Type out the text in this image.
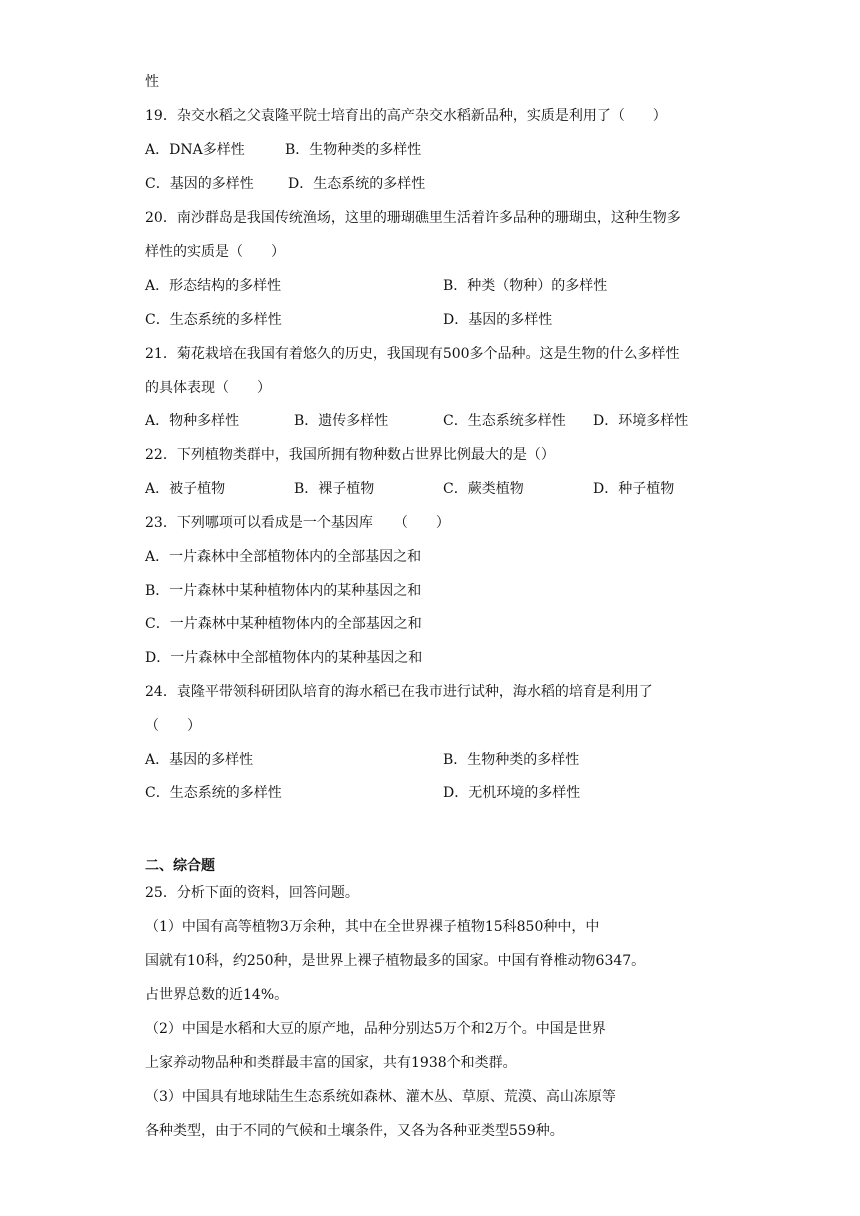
性
19．杂交水稻之父袁隆平院士培育出的高产杂交水稻新品种，实质是利用了（　　）
A．DNA多样性	B．生物种类的多样性
C．基因的多样性 D．生态系统的多样性
20．南沙群岛是我国传统渔场，这里的珊瑚礁里生活着许多品种的珊瑚虫，这种生物多
样性的实质是（　　）
A．形态结构的多样性	B．种类（物种）的多样性
C．生态系统的多样性	D．基因的多样性
21．菊花栽培在我国有着悠久的历史，我国现有500多个品种。这是生物的什么多样性
的具体表现（　　）
A．物种多样性	B．遗传多样性	C．生态系统多样性 D．环境多样性
22．下列植物类群中，我国所拥有物种数占世界比例最大的是（）
A．被子植物	B．裸子植物	C．蕨类植物	D．种子植物
23．下列哪项可以看成是一个基因库　　（　　）
A．一片森林中全部植物体内的全部基因之和
B．一片森林中某种植物体内的某种基因之和
C．一片森林中某种植物体内的全部基因之和
D．一片森林中全部植物体内的某种基因之和
24．袁隆平带领科研团队培育的海水稻已在我市进行试种，海水稻的培育是利用了
（　　）
A．基因的多样性	B．生物种类的多样性
C．生态系统的多样性	D．无机环境的多样性
二、综合题
25．分析下面的资料，回答问题。
（1）中国有高等植物3万余种，其中在全世界裸子植物15科850种中，中
国就有10科，约250种，是世界上裸子植物最多的国家。中国有脊椎动物6347。
占世界总数的近14%。
（2）中国是水稻和大豆的原产地，品种分别达5万个和2万个。中国是世界
上家养动物品种和类群最丰富的国家，共有1938个和类群。
（3）中国具有地球陆生生态系统如森林、灌木丛、草原、荒漠、高山冻原等
各种类型，由于不同的气候和土壤条件，又各为各种亚类型559种。
